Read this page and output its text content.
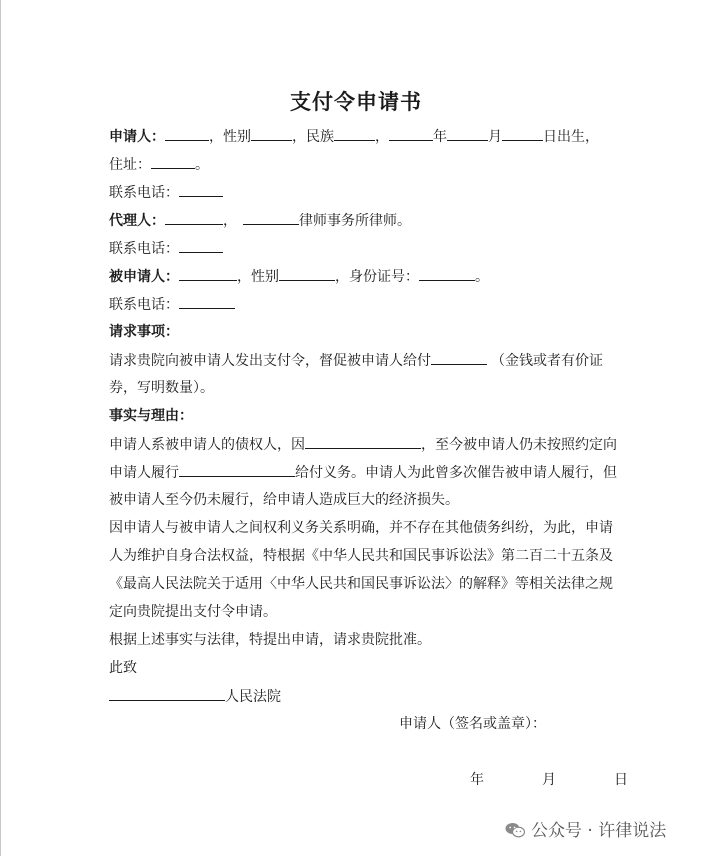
支付令申请书
申请人：	，性别	，民族	，	年	月	日出生，
住址：	。
联系电话：
代理人：	，	律师事务所律师。
联系电话：
被申请人：	，性别	，身份证号：	。
联系电话：
请求事项：
请求贵院向被申请人发出支付令，督促被申请人给付	（金钱或者有价证
券，写明数量）。
事实与理由：
申请人系被申请人的债权人，因	，至今被申请人仍未按照约定向
申请人履行	给付义务。申请人为此曾多次催告被申请人履行，但
被申请人至今仍未履行，给申请人造成巨大的经济损失。
因申请人与被申请人之间权利义务关系明确，并不存在其他债务纠纷，为此，申请
人为维护自身合法权益，特根据《中华人民共和国民事诉讼法》第二百二十五条及
《最高人民法院关于适用〈中华人民共和国民事诉讼法〉的解释》等相关法律之规
定向贵院提出支付令申请。
根据上述事实与法律，特提出申请，请求贵院批准。
此致
人民法院
申请人（签名或盖章）：
年	月	日
公众号 · 许律说法
